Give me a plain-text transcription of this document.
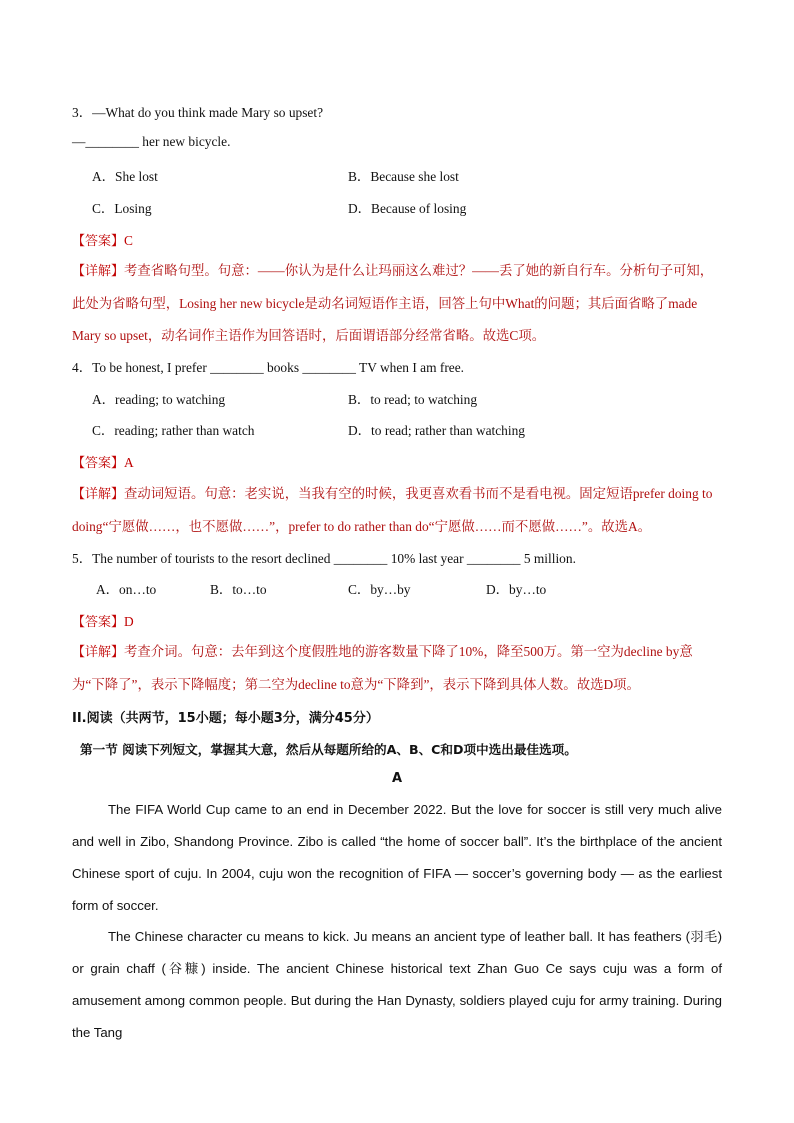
3．—What do you think made Mary so upset?
—________ her new bicycle.
A．She lost	B．Because she lost
C．Losing	D．Because of losing
【答案】C
【详解】考查省略句型。句意：——你认为是什么让玛丽这么难过？——丢了她的新自行车。分析句子可知，此处为省略句型，Losing her new bicycle是动名词短语作主语，回答上句中What的问题；其后面省略了made Mary so upset，动名词作主语作为回答语时，后面谓语部分经常省略。故选C项。
4．To be honest, I prefer ________ books ________ TV when I am free.
A．reading; to watching	B．to read; to watching
C．reading; rather than watch	D．to read; rather than watching
【答案】A
【详解】查动词短语。句意：老实说，当我有空的时候，我更喜欢看书而不是看电视。固定短语prefer doing to doing“宁愿做……，也不愿做……”，prefer to do rather than do“宁愿做……而不愿做……”。故选A。
5．The number of tourists to the resort declined ________ 10% last year ________ 5 million.
A．on…to	B．to…to	C．by…by	D．by…to
【答案】D
【详解】考查介词。句意：去年到这个度假胜地的游客数量下降了10%，降至500万。第一空为decline by意为“下降了”，表示下降幅度；第二空为decline to意为“下降到”，表示下降到具体人数。故选D项。
II.阅读（共两节，15小题；每小题3分，满分45分）
第一节 阅读下列短文，掌握其大意，然后从每题所给的A、B、C和D项中选出最佳选项。
A
The FIFA World Cup came to an end in December 2022. But the love for soccer is still very much alive and well in Zibo, Shandong Province. Zibo is called “the home of soccer ball”. It’s the birthplace of the ancient Chinese sport of cuju. In 2004, cuju won the recognition of FIFA — soccer’s governing body — as the earliest form of soccer.
The Chinese character cu means to kick. Ju means an ancient type of leather ball. It has feathers (羽毛) or grain chaff (谷糠) inside. The ancient Chinese historical text Zhan Guo Ce says cuju was a form of amusement among common people. But during the Han Dynasty, soldiers played cuju for army training. During the Tang
